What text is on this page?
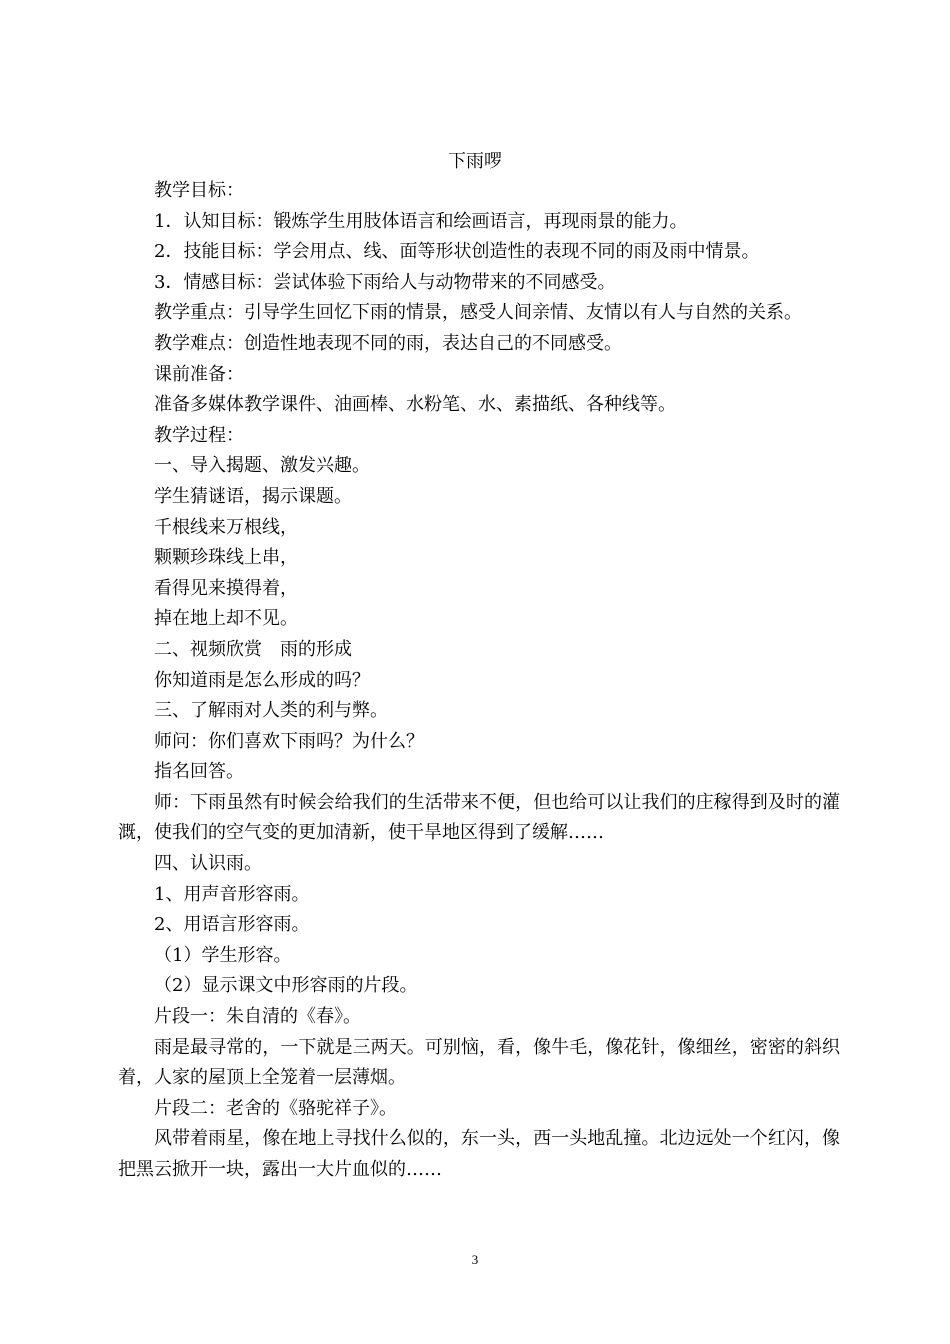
下雨啰
教学目标：
1．认知目标：锻炼学生用肢体语言和绘画语言，再现雨景的能力。
2．技能目标：学会用点、线、面等形状创造性的表现不同的雨及雨中情景。
3．情感目标：尝试体验下雨给人与动物带来的不同感受。
教学重点：引导学生回忆下雨的情景，感受人间亲情、友情以有人与自然的关系。
教学难点：创造性地表现不同的雨，表达自己的不同感受。
课前准备：
准备多媒体教学课件、油画棒、水粉笔、水、素描纸、各种线等。
教学过程：
一、导入揭题、激发兴趣。
学生猜谜语，揭示课题。
千根线来万根线，
颗颗珍珠线上串，
看得见来摸得着，
掉在地上却不见。
二、视频欣赏　雨的形成
你知道雨是怎么形成的吗？
三、了解雨对人类的利与弊。
师问：你们喜欢下雨吗？为什么？
指名回答。
师：下雨虽然有时候会给我们的生活带来不便，但也给可以让我们的庄稼得到及时的灌溉，使我们的空气变的更加清新，使干旱地区得到了缓解……
四、认识雨。
1、用声音形容雨。
2、用语言形容雨。
（1）学生形容。
（2）显示课文中形容雨的片段。
片段一：朱自清的《春》。
雨是最寻常的，一下就是三两天。可别恼，看，像牛毛，像花针，像细丝，密密的斜织着，人家的屋顶上全笼着一层薄烟。
片段二：老舍的《骆驼祥子》。
风带着雨星，像在地上寻找什么似的，东一头，西一头地乱撞。北边远处一个红闪，像把黑云掀开一块，露出一大片血似的……
3
